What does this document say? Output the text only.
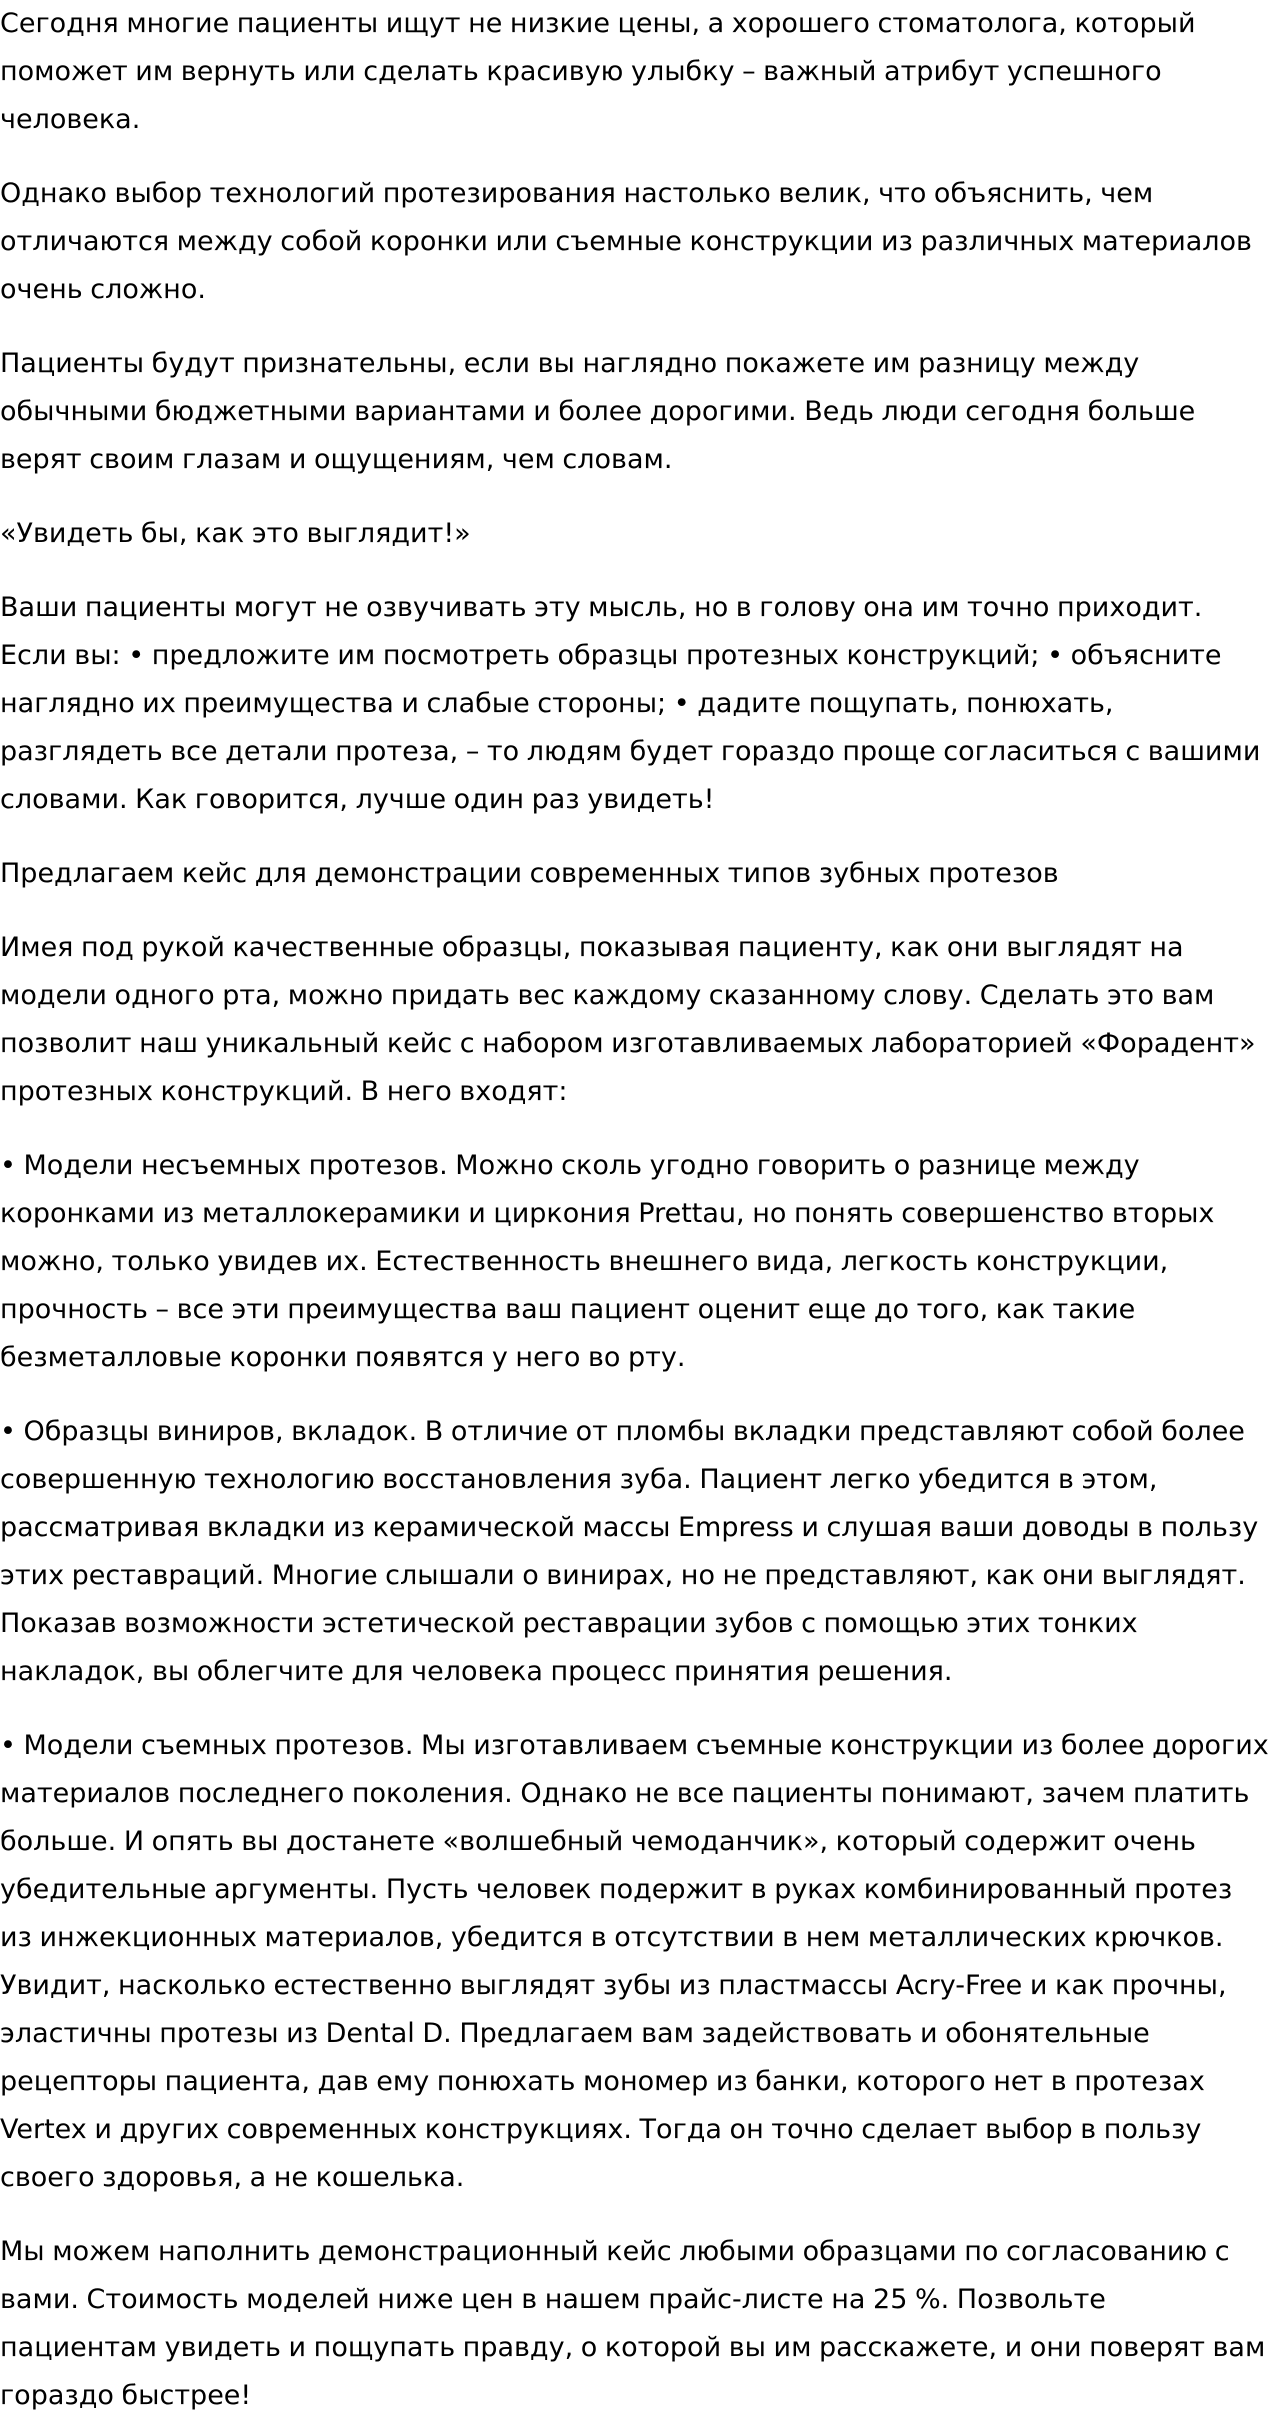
Сегодня многие пациенты ищут не низкие цены, а хорошего стоматолога, который поможет им вернуть или сделать красивую улыбку – важный атрибут успешного человека.

Однако выбор технологий протезирования настолько велик, что объяснить, чем отличаются между собой коронки или съемные конструкции из различных материалов очень сложно.

Пациенты будут признательны, если вы наглядно покажете им разницу между обычными бюджетными вариантами и более дорогими. Ведь люди сегодня больше верят своим глазам и ощущениям, чем словам.

«Увидеть бы, как это выглядит!»

Ваши пациенты могут не озвучивать эту мысль, но в голову она им точно приходит. Если вы: • предложите им посмотреть образцы протезных конструкций; • объясните наглядно их преимущества и слабые стороны; • дадите пощупать, понюхать, разглядеть все детали протеза, – то людям будет гораздо проще согласиться с вашими словами. Как говорится, лучше один раз увидеть!

Предлагаем кейс для демонстрации современных типов зубных протезов

Имея под рукой качественные образцы, показывая пациенту, как они выглядят на модели одного рта, можно придать вес каждому сказанному слову. Сделать это вам позволит наш уникальный кейс с набором изготавливаемых лабораторией «Форадент» протезных конструкций. В него входят:

• Модели несъемных протезов. Можно сколь угодно говорить о разнице между коронками из металлокерамики и циркония Prettau, но понять совершенство вторых можно, только увидев их. Естественность внешнего вида, легкость конструкции, прочность – все эти преимущества ваш пациент оценит еще до того, как такие безметалловые коронки появятся у него во рту.

• Образцы виниров, вкладок. В отличие от пломбы вкладки представляют собой более совершенную технологию восстановления зуба. Пациент легко убедится в этом, рассматривая вкладки из керамической массы Empress и слушая ваши доводы в пользу этих реставраций. Многие слышали о винирах, но не представляют, как они выглядят. Показав возможности эстетической реставрации зубов с помощью этих тонких накладок, вы облегчите для человека процесс принятия решения.

• Модели съемных протезов. Мы изготавливаем съемные конструкции из более дорогих материалов последнего поколения. Однако не все пациенты понимают, зачем платить больше. И опять вы достанете «волшебный чемоданчик», который содержит очень убедительные аргументы. Пусть человек подержит в руках комбинированный протез из инжекционных материалов, убедится в отсутствии в нем металлических крючков. Увидит, насколько естественно выглядят зубы из пластмассы Acry-Free и как прочны, эластичны протезы из Dental D. Предлагаем вам задействовать и обонятельные рецепторы пациента, дав ему понюхать мономер из банки, которого нет в протезах Vertex и других современных конструкциях. Тогда он точно сделает выбор в пользу своего здоровья, а не кошелька.

Мы можем наполнить демонстрационный кейс любыми образцами по согласованию с вами. Стоимость моделей ниже цен в нашем прайс-листе на 25 %. Позвольте пациентам увидеть и пощупать правду, о которой вы им расскажете, и они поверят вам гораздо быстрее!
